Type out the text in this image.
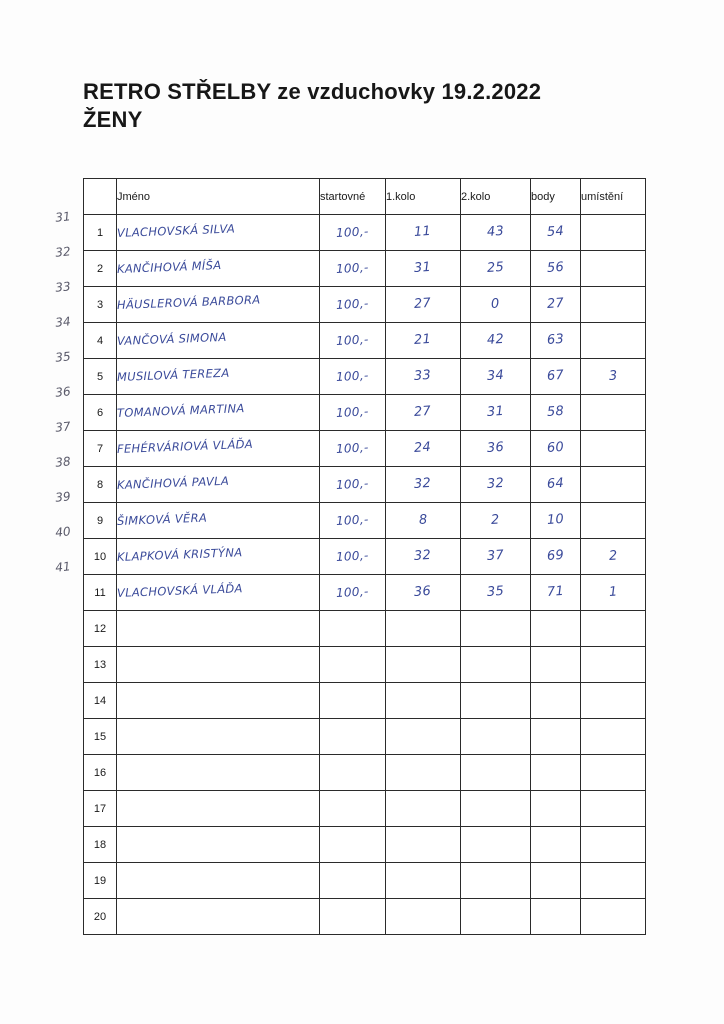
RETRO STŘELBY ze vzduchovky 19.2.2022
ŽENY
31
32
33
34
35
36
37
38
39
40
41
	Jméno	startovné	1.kolo	2.kolo	body	umístění
1	VLACHOVSKÁ SILVA	100,-	11	43	54	
2	KANČIHOVÁ MÍŠA	100,-	31	25	56	
3	HÄUSLEROVÁ BARBORA	100,-	27	0	27	
4	VANČOVÁ SIMONA	100,-	21	42	63	
5	MUSILOVÁ TEREZA	100,-	33	34	67	3
6	TOMANOVÁ MARTINA	100,-	27	31	58	
7	FEHÉRVÁRIOVÁ VLÁĎA	100,-	24	36	60	
8	KANČIHOVÁ PAVLA	100,-	32	32	64	
9	ŠIMKOVÁ VĚRA	100,-	8	2	10	
10	KLAPKOVÁ KRISTÝNA	100,-	32	37	69	2
11	VLACHOVSKÁ VLÁĎA	100,-	36	35	71	1
12						
13						
14						
15						
16						
17						
18						
19						
20						
